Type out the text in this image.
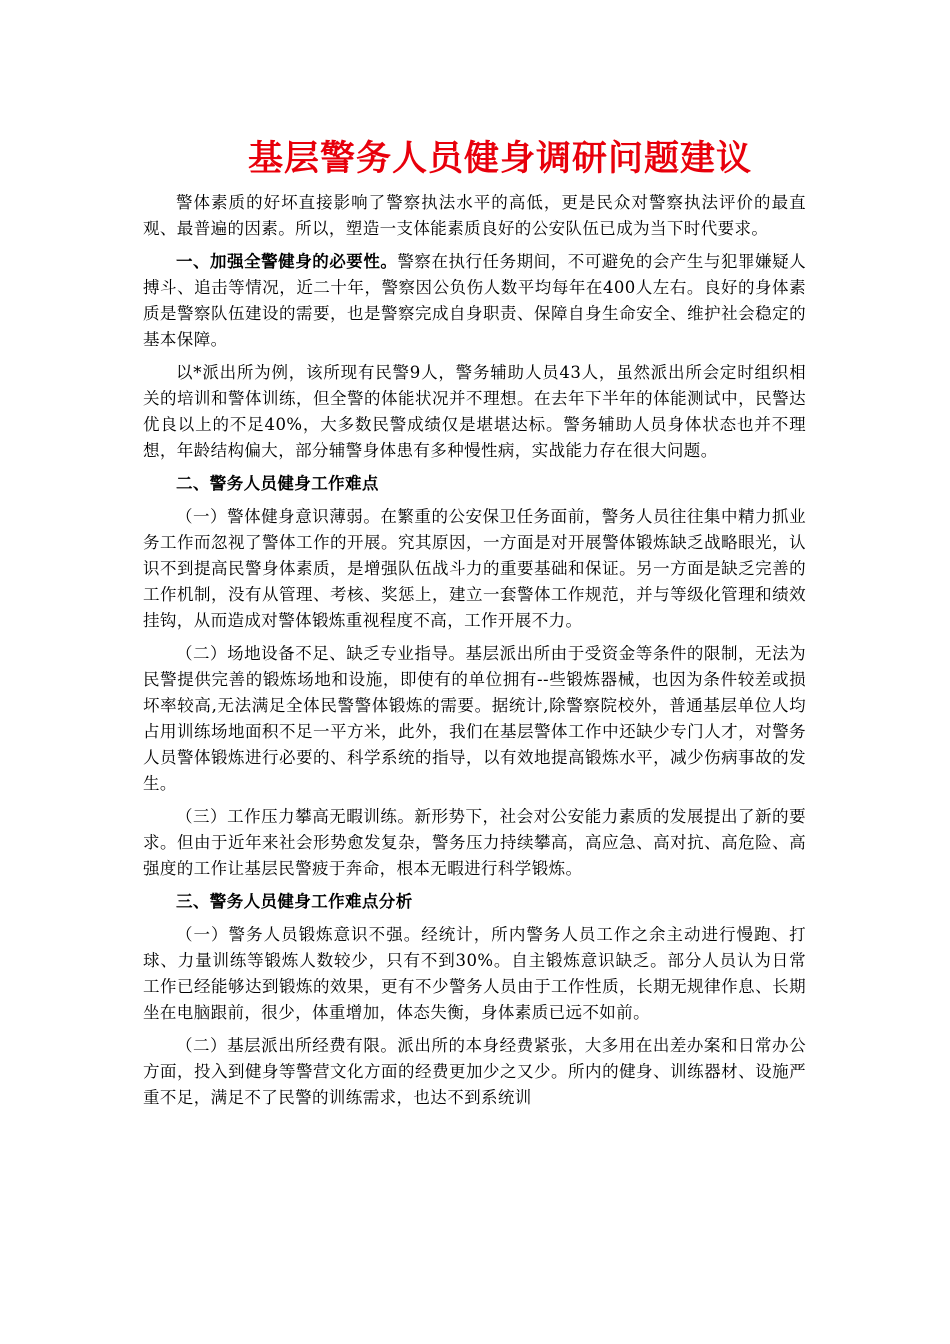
基层警务人员健身调研问题建议

警体素质的好坏直接影响了警察执法水平的高低，更是民众对警察执法评价的最直观、最普遍的因素。所以，塑造一支体能素质良好的公安队伍已成为当下时代要求。

一、加强全警健身的必要性。警察在执行任务期间，不可避免的会产生与犯罪嫌疑人搏斗、追击等情况，近二十年，警察因公负伤人数平均每年在400人左右。良好的身体素质是警察队伍建设的需要，也是警察完成自身职责、保障自身生命安全、维护社会稳定的基本保障。

以*派出所为例，该所现有民警9人，警务辅助人员43人，虽然派出所会定时组织相关的培训和警体训练，但全警的体能状况并不理想。在去年下半年的体能测试中，民警达优良以上的不足40%，大多数民警成绩仅是堪堪达标。警务辅助人员身体状态也并不理想，年龄结构偏大，部分辅警身体患有多种慢性病，实战能力存在很大问题。

二、警务人员健身工作难点

（一）警体健身意识薄弱。在繁重的公安保卫任务面前，警务人员往往集中精力抓业务工作而忽视了警体工作的开展。究其原因，一方面是对开展警体锻炼缺乏战略眼光，认识不到提高民警身体素质，是增强队伍战斗力的重要基础和保证。另一方面是缺乏完善的工作机制，没有从管理、考核、奖惩上，建立一套警体工作规范，并与等级化管理和绩效挂钩，从而造成对警体锻炼重视程度不高，工作开展不力。

（二）场地设备不足、缺乏专业指导。基层派出所由于受资金等条件的限制，无法为民警提供完善的锻炼场地和设施，即使有的单位拥有--些锻炼器械，也因为条件较差或损坏率较高,无法满足全体民警警体锻炼的需要。据统计,除警察院校外，普通基层单位人均占用训练场地面积不足一平方米，此外，我们在基层警体工作中还缺少专门人才，对警务人员警体锻炼进行必要的、科学系统的指导，以有效地提高锻炼水平，减少伤病事故的发生。

（三）工作压力攀高无暇训练。新形势下，社会对公安能力素质的发展提出了新的要求。但由于近年来社会形势愈发复杂，警务压力持续攀高，高应急、高对抗、高危险、高强度的工作让基层民警疲于奔命，根本无暇进行科学锻炼。

三、警务人员健身工作难点分析

（一）警务人员锻炼意识不强。经统计，所内警务人员工作之余主动进行慢跑、打球、力量训练等锻炼人数较少，只有不到30%。自主锻炼意识缺乏。部分人员认为日常工作已经能够达到锻炼的效果，更有不少警务人员由于工作性质，长期无规律作息、长期坐在电脑跟前，很少，体重增加，体态失衡，身体素质已远不如前。

（二）基层派出所经费有限。派出所的本身经费紧张，大多用在出差办案和日常办公方面，投入到健身等警营文化方面的经费更加少之又少。所内的健身、训练器材、设施严重不足，满足不了民警的训练需求，也达不到系统训
